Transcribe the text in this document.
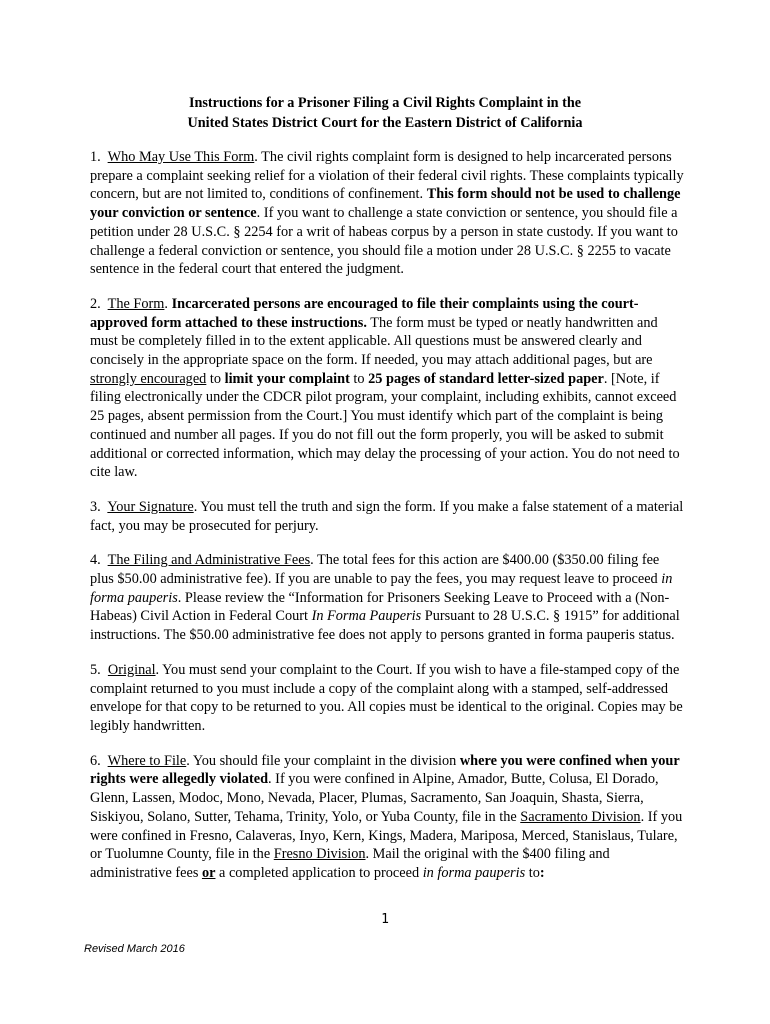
Instructions for a Prisoner Filing a Civil Rights Complaint in the
United States District Court for the Eastern District of California

1. Who May Use This Form. The civil rights complaint form is designed to help incarcerated persons prepare a complaint seeking relief for a violation of their federal civil rights. These complaints typically concern, but are not limited to, conditions of confinement. This form should not be used to challenge your conviction or sentence. If you want to challenge a state conviction or sentence, you should file a petition under 28 U.S.C. § 2254 for a writ of habeas corpus by a person in state custody. If you want to challenge a federal conviction or sentence, you should file a motion under 28 U.S.C. § 2255 to vacate sentence in the federal court that entered the judgment.

2. The Form. Incarcerated persons are encouraged to file their complaints using the court-approved form attached to these instructions. The form must be typed or neatly handwritten and must be completely filled in to the extent applicable. All questions must be answered clearly and concisely in the appropriate space on the form. If needed, you may attach additional pages, but are strongly encouraged to limit your complaint to 25 pages of standard letter-sized paper. [Note, if filing electronically under the CDCR pilot program, your complaint, including exhibits, cannot exceed 25 pages, absent permission from the Court.] You must identify which part of the complaint is being continued and number all pages. If you do not fill out the form properly, you will be asked to submit additional or corrected information, which may delay the processing of your action. You do not need to cite law.

3. Your Signature. You must tell the truth and sign the form. If you make a false statement of a material fact, you may be prosecuted for perjury.

4. The Filing and Administrative Fees. The total fees for this action are $400.00 ($350.00 filing fee plus $50.00 administrative fee). If you are unable to pay the fees, you may request leave to proceed in forma pauperis. Please review the “Information for Prisoners Seeking Leave to Proceed with a (Non-Habeas) Civil Action in Federal Court In Forma Pauperis Pursuant to 28 U.S.C. § 1915” for additional instructions. The $50.00 administrative fee does not apply to persons granted in forma pauperis status.

5. Original. You must send your complaint to the Court. If you wish to have a file-stamped copy of the complaint returned to you must include a copy of the complaint along with a stamped, self-addressed envelope for that copy to be returned to you. All copies must be identical to the original. Copies may be legibly handwritten.

6. Where to File. You should file your complaint in the division where you were confined when your rights were allegedly violated. If you were confined in Alpine, Amador, Butte, Colusa, El Dorado, Glenn, Lassen, Modoc, Mono, Nevada, Placer, Plumas, Sacramento, San Joaquin, Shasta, Sierra, Siskiyou, Solano, Sutter, Tehama, Trinity, Yolo, or Yuba County, file in the Sacramento Division. If you were confined in Fresno, Calaveras, Inyo, Kern, Kings, Madera, Mariposa, Merced, Stanislaus, Tulare, or Tuolumne County, file in the Fresno Division. Mail the original with the $400 filing and administrative fees or a completed application to proceed in forma pauperis to:

1
Revised March 2016
